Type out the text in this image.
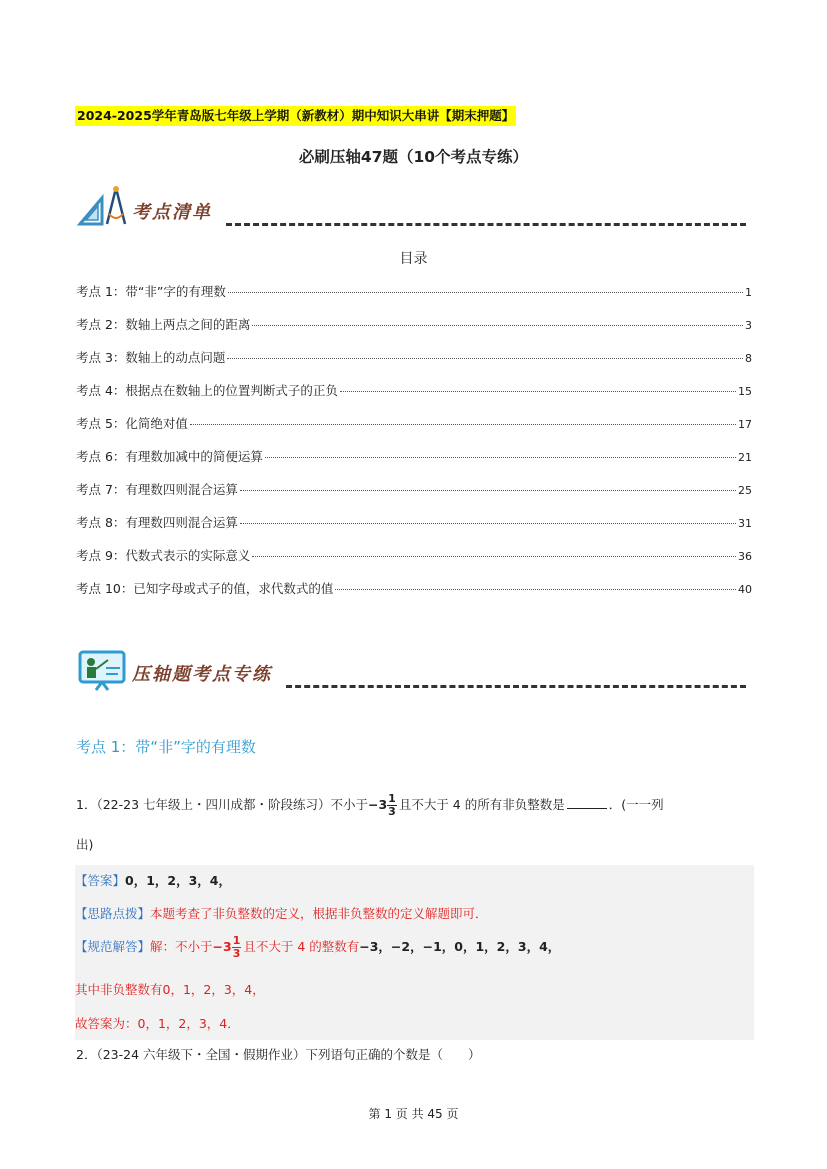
2024-2025学年青岛版七年级上学期（新教材）期中知识大串讲【期末押题】
必刷压轴47题（10个考点专练）
考点清单
目录
考点 1：带“非”字的有理数	1
考点 2：数轴上两点之间的距离	3
考点 3：数轴上的动点问题	8
考点 4：根据点在数轴上的位置判断式子的正负	15
考点 5：化简绝对值	17
考点 6：有理数加减中的简便运算	21
考点 7：有理数四则混合运算	25
考点 8：有理数四则混合运算	31
考点 9：代数式表示的实际意义	36
考点 10：已知字母或式子的值，求代数式的值	40
压轴题考点专练
考点 1：带“非”字的有理数
1．（22-23 七年级上・四川成都・阶段练习）不小于$-3 \frac{1}{3}$ 且不大于 4 的所有非负整数是	．(一一列
出)
【答案】0，1，2，3，4，
【思路点拨】本题考查了非负整数的定义，根据非负整数的定义解题即可．
【规范解答】解：不小于$-3 \frac{1}{3}$ 且不大于 4 的整数有−3，−2，−1，0，1，2，3，4，
其中非负整数有0，1，2，3，4，
故答案为：0，1，2，3，4．
2．（23-24 六年级下・全国・假期作业）下列语句正确的个数是（　　）
第 1 页 共 45 页
